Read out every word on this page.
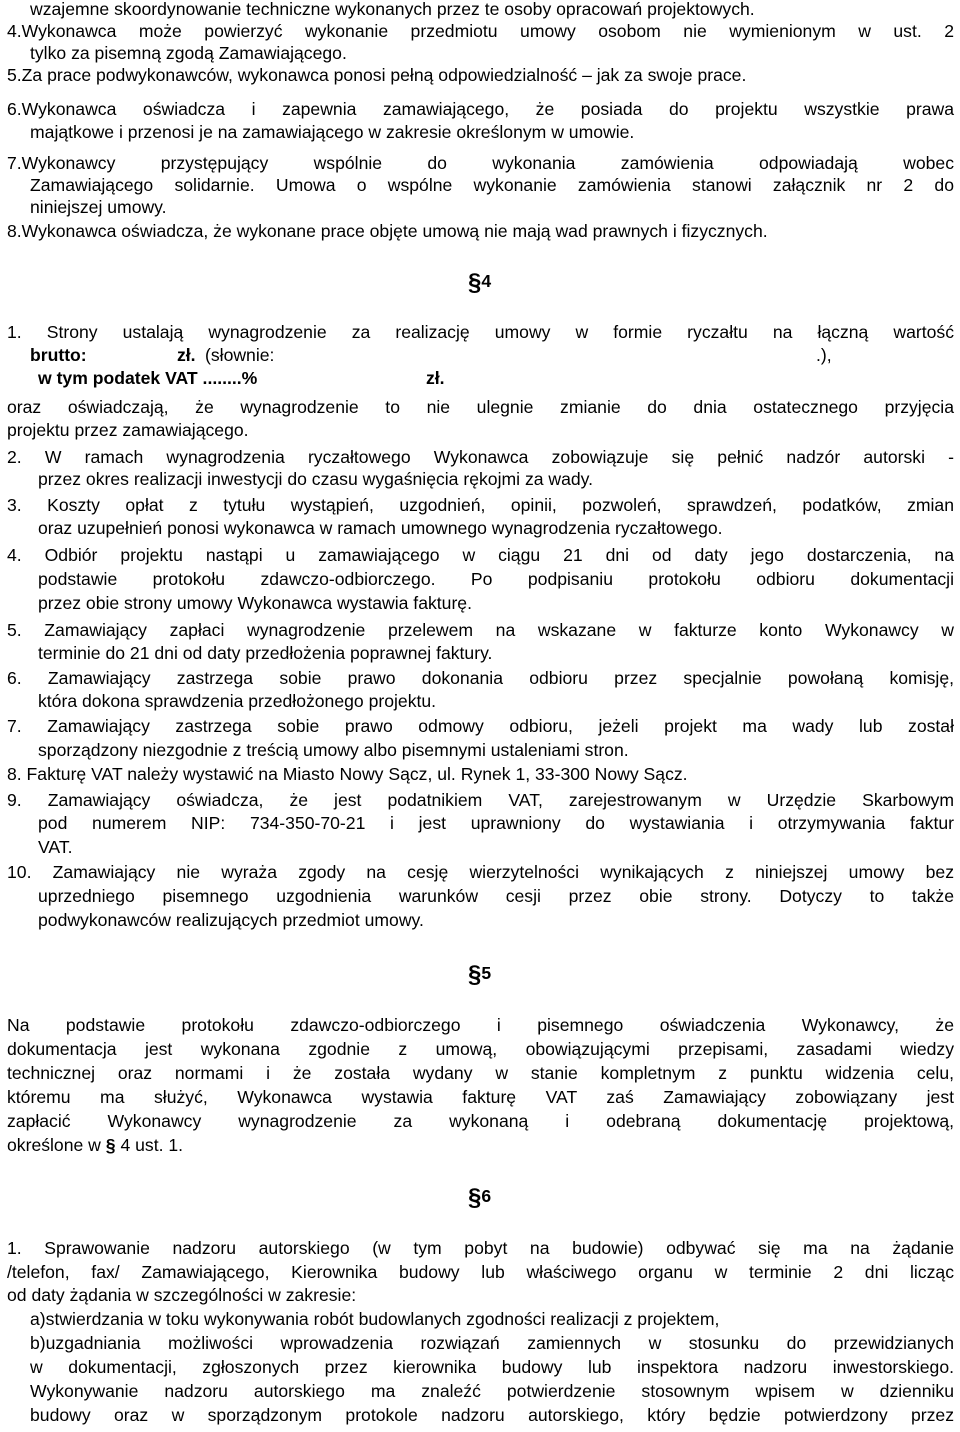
wzajemne skoordynowanie techniczne wykonanych przez te osoby opracowań projektowych.
4.Wykonawca może powierzyć wykonanie przedmiotu umowy osobom nie wymienionym w ust. 2
tylko za pisemną zgodą Zamawiającego.
5.Za prace podwykonawców, wykonawca ponosi pełną odpowiedzialność – jak za swoje prace.
6.Wykonawca oświadcza i zapewnia zamawiającego, że posiada do projektu wszystkie prawa
majątkowe i przenosi je na zamawiającego w zakresie określonym w umowie.
7.Wykonawcy przystępujący wspólnie do wykonania zamówienia odpowiadają wobec
Zamawiającego solidarnie. Umowa o wspólne wykonanie zamówienia stanowi załącznik nr 2 do
niniejszej umowy.
8.Wykonawca oświadcza, że wykonane prace objęte umową nie mają wad prawnych i fizycznych.
§4
1. Strony ustalają wynagrodzenie za realizację umowy w formie ryczałtu na łączną wartość
brutto:	zł. (słownie:	.),
w tym podatek VAT ........%	zł.
oraz oświadczają, że wynagrodzenie to nie ulegnie zmianie do dnia ostatecznego przyjęcia
projektu przez zamawiającego.
2. W ramach wynagrodzenia ryczałtowego Wykonawca zobowiązuje się pełnić nadzór autorski -
przez okres realizacji inwestycji do czasu wygaśnięcia rękojmi za wady.
3. Koszty opłat z tytułu wystąpień, uzgodnień, opinii, pozwoleń, sprawdzeń, podatków, zmian
oraz uzupełnień ponosi wykonawca w ramach umownego wynagrodzenia ryczałtowego.
4. Odbiór projektu nastąpi u zamawiającego w ciągu 21 dni od daty jego dostarczenia, na
podstawie protokołu zdawczo-odbiorczego. Po podpisaniu protokołu odbioru dokumentacji
przez obie strony umowy Wykonawca wystawia fakturę.
5. Zamawiający zapłaci wynagrodzenie przelewem na wskazane w fakturze konto Wykonawcy w
terminie do 21 dni od daty przedłożenia poprawnej faktury.
6. Zamawiający zastrzega sobie prawo dokonania odbioru przez specjalnie powołaną komisję,
która dokona sprawdzenia przedłożonego projektu.
7. Zamawiający zastrzega sobie prawo odmowy odbioru, jeżeli projekt ma wady lub został
sporządzony niezgodnie z treścią umowy albo pisemnymi ustaleniami stron.
8. Fakturę VAT należy wystawić na Miasto Nowy Sącz, ul. Rynek 1, 33-300 Nowy Sącz.
9. Zamawiający oświadcza, że jest podatnikiem VAT, zarejestrowanym w Urzędzie Skarbowym
pod numerem NIP: 734-350-70-21 i jest uprawniony do wystawiania i otrzymywania faktur
VAT.
10. Zamawiający nie wyraża zgody na cesję wierzytelności wynikających z niniejszej umowy bez
uprzedniego pisemnego uzgodnienia warunków cesji przez obie strony. Dotyczy to także
podwykonawców realizujących przedmiot umowy.
§5
Na podstawie protokołu zdawczo-odbiorczego i pisemnego oświadczenia Wykonawcy, że
dokumentacja jest wykonana zgodnie z umową, obowiązującymi przepisami, zasadami wiedzy
technicznej oraz normami i że została wydany w stanie kompletnym z punktu widzenia celu,
któremu ma służyć, Wykonawca wystawia fakturę VAT zaś Zamawiający zobowiązany jest
zapłacić Wykonawcy wynagrodzenie za wykonaną i odebraną dokumentację projektową,
określone w § 4 ust. 1.
§6
1. Sprawowanie nadzoru autorskiego (w tym pobyt na budowie) odbywać się ma na żądanie
/telefon, fax/ Zamawiającego, Kierownika budowy lub właściwego organu w terminie 2 dni licząc
od daty żądania w szczególności w zakresie:
a)stwierdzania w toku wykonywania robót budowlanych zgodności realizacji z projektem,
b)uzgadniania możliwości wprowadzenia rozwiązań zamiennych w stosunku do przewidzianych
w dokumentacji, zgłoszonych przez kierownika budowy lub inspektora nadzoru inwestorskiego.
Wykonywanie nadzoru autorskiego ma znaleźć potwierdzenie stosownym wpisem w dzienniku
budowy oraz w sporządzonym protokole nadzoru autorskiego, który będzie potwierdzony przez
